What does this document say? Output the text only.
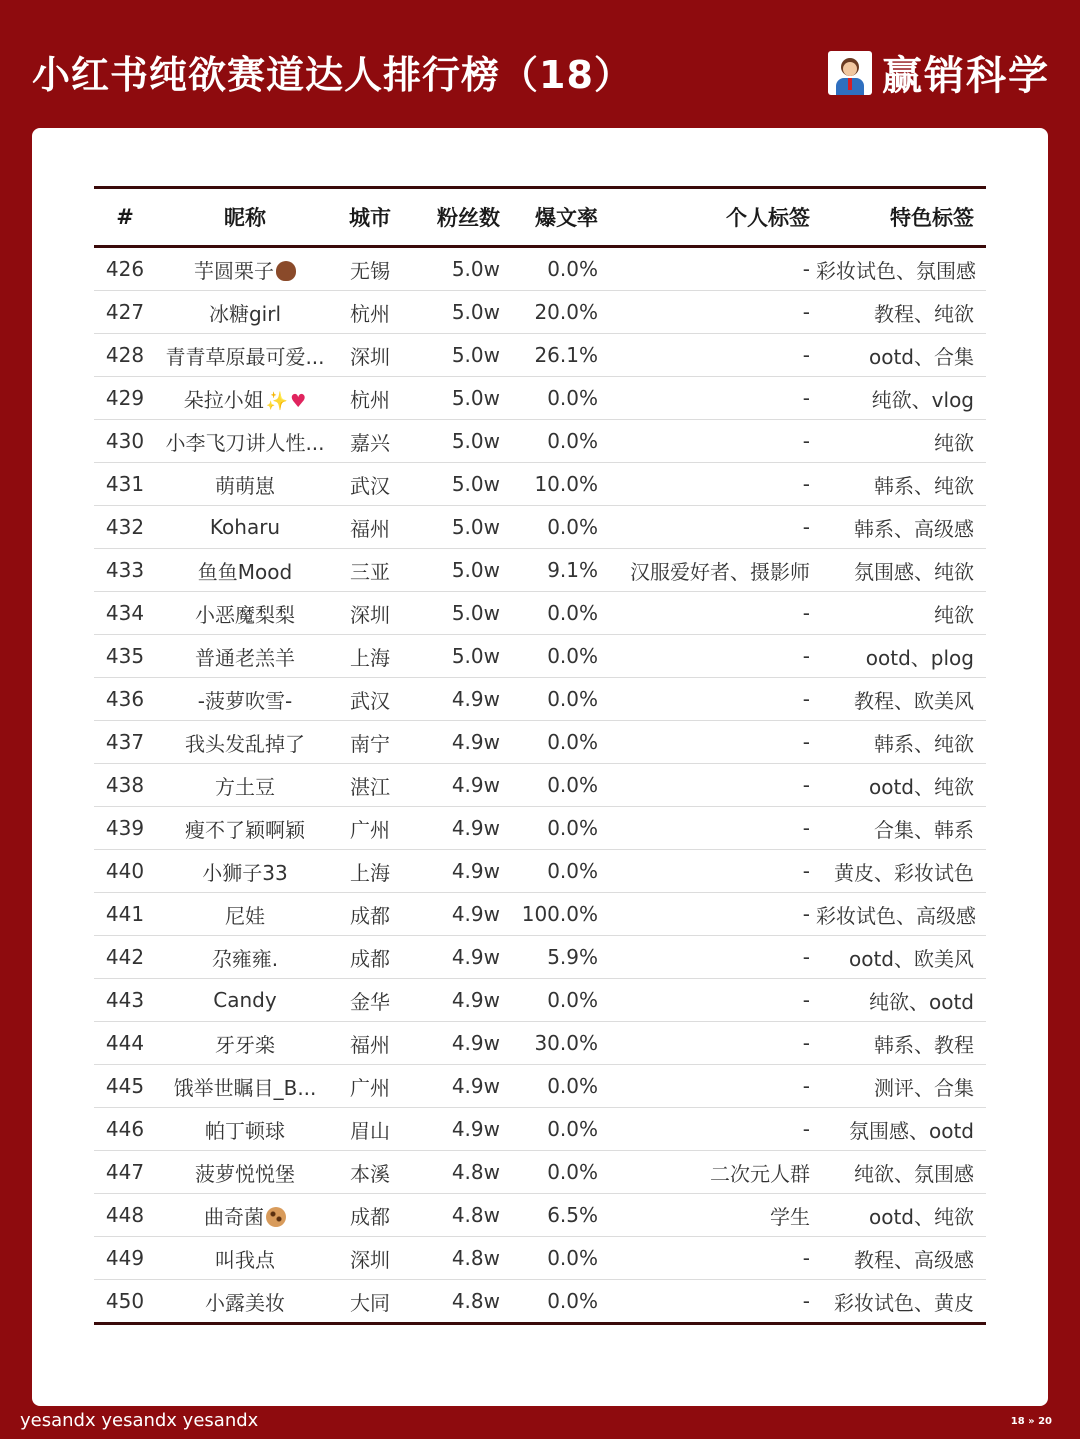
小红书纯欲赛道达人排行榜（18）	赢销科学
#	昵称	城市	粉丝数	爆文率	个人标签	特色标签
426	芋圆栗子	无锡	5.0w	0.0%	-	彩妆试色、氛围感
427	冰糖girl	杭州	5.0w	20.0%	-	教程、纯欲
428	青青草原最可爱...	深圳	5.0w	26.1%	-	ootd、合集
429	朵拉小姐 ✨ ♥	杭州	5.0w	0.0%	-	纯欲、vlog
430	小李飞刀讲人性...	嘉兴	5.0w	0.0%	-	纯欲
431	萌萌崽	武汉	5.0w	10.0%	-	韩系、纯欲
432	Koharu	福州	5.0w	0.0%	-	韩系、高级感
433	鱼鱼Mood	三亚	5.0w	9.1%	汉服爱好者、摄影师	氛围感、纯欲
434	小恶魔梨梨	深圳	5.0w	0.0%	-	纯欲
435	普通老羔羊	上海	5.0w	0.0%	-	ootd、plog
436	-菠萝吹雪-	武汉	4.9w	0.0%	-	教程、欧美风
437	我头发乱掉了	南宁	4.9w	0.0%	-	韩系、纯欲
438	方土豆	湛江	4.9w	0.0%	-	ootd、纯欲
439	瘦不了颖啊颖	广州	4.9w	0.0%	-	合集、韩系
440	小狮子33	上海	4.9w	0.0%	-	黄皮、彩妆试色
441	尼娃	成都	4.9w	100.0%	-	彩妆试色、高级感
442	尕雍雍.	成都	4.9w	5.9%	-	ootd、欧美风
443	Candy	金华	4.9w	0.0%	-	纯欲、ootd
444	牙牙楽	福州	4.9w	30.0%	-	韩系、教程
445	饿举世瞩目_B...	广州	4.9w	0.0%	-	测评、合集
446	帕丁顿球	眉山	4.9w	0.0%	-	氛围感、ootd
447	菠萝悦悦堡	本溪	4.8w	0.0%	二次元人群	纯欲、氛围感
448	曲奇菌	成都	4.8w	6.5%	学生	ootd、纯欲
449	叫我点	深圳	4.8w	0.0%	-	教程、高级感
450	小露美妆	大同	4.8w	0.0%	-	彩妆试色、黄皮
yesandx yesandx yesandx	18 » 20
